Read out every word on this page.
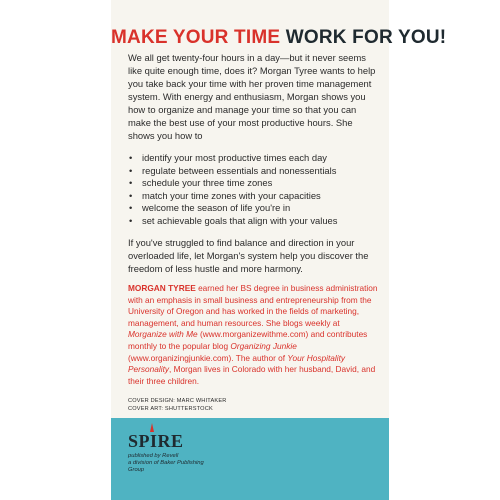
MAKE YOUR TIME WORK FOR YOU!

We all get twenty-four hours in a day—but it never seems like quite enough time, does it? Morgan Tyree wants to help you take back your time with her proven time management system. With energy and enthusiasm, Morgan shows you how to organize and manage your time so that you can make the best use of your most productive hours. She shows you how to

• identify your most productive times each day
• regulate between essentials and nonessentials
• schedule your three time zones
• match your time zones with your capacities
• welcome the season of life you're in
• set achievable goals that align with your values

If you've struggled to find balance and direction in your overloaded life, let Morgan's system help you discover the freedom of less hustle and more harmony.

MORGAN TYREE earned her BS degree in business administration with an emphasis in small business and entrepreneurship from the University of Oregon and has worked in the fields of marketing, management, and human resources. She blogs weekly at Morganize with Me (www.morganizewithme.com) and contributes monthly to the popular blog Organizing Junkie (www.organizingjunkie.com). The author of Your Hospitality Personality, Morgan lives in Colorado with her husband, David, and their three children.

COVER DESIGN: MARC WHITAKER
COVER ART: SHUTTERSTOCK
SPIRE
published by Revell
a division of Baker Publishing Group
